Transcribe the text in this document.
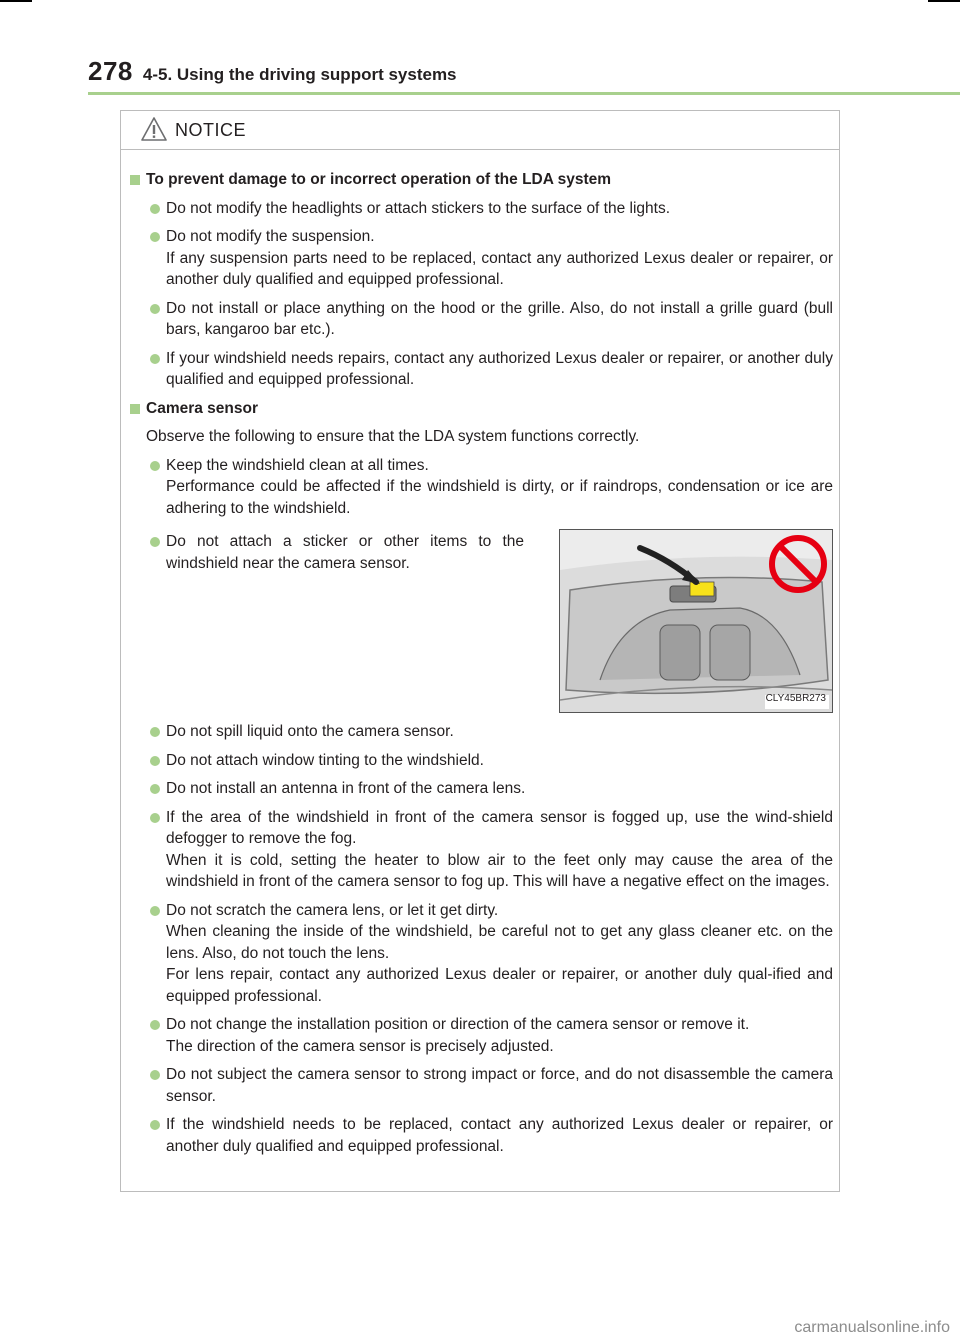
278 4-5. Using the driving support systems
NOTICE
To prevent damage to or incorrect operation of the LDA system
Do not modify the headlights or attach stickers to the surface of the lights.
Do not modify the suspension.
If any suspension parts need to be replaced, contact any authorized Lexus dealer or repairer, or another duly qualified and equipped professional.
Do not install or place anything on the hood or the grille. Also, do not install a grille guard (bull bars, kangaroo bar etc.).
If your windshield needs repairs, contact any authorized Lexus dealer or repairer, or another duly qualified and equipped professional.
Camera sensor
Observe the following to ensure that the LDA system functions correctly.
Keep the windshield clean at all times.
Performance could be affected if the windshield is dirty, or if raindrops, condensation or ice are adhering to the windshield.
Do not attach a sticker or other items to the windshield near the camera sensor.
CLY45BR273
Do not spill liquid onto the camera sensor.
Do not attach window tinting to the windshield.
Do not install an antenna in front of the camera lens.
If the area of the windshield in front of the camera sensor is fogged up, use the wind-shield defogger to remove the fog.
When it is cold, setting the heater to blow air to the feet only may cause the area of the windshield in front of the camera sensor to fog up. This will have a negative effect on the images.
Do not scratch the camera lens, or let it get dirty.
When cleaning the inside of the windshield, be careful not to get any glass cleaner etc. on the lens. Also, do not touch the lens.
For lens repair, contact any authorized Lexus dealer or repairer, or another duly qual-ified and equipped professional.
Do not change the installation position or direction of the camera sensor or remove it.
The direction of the camera sensor is precisely adjusted.
Do not subject the camera sensor to strong impact or force, and do not disassemble the camera sensor.
If the windshield needs to be replaced, contact any authorized Lexus dealer or repairer, or another duly qualified and equipped professional.
carmanualsonline.info
